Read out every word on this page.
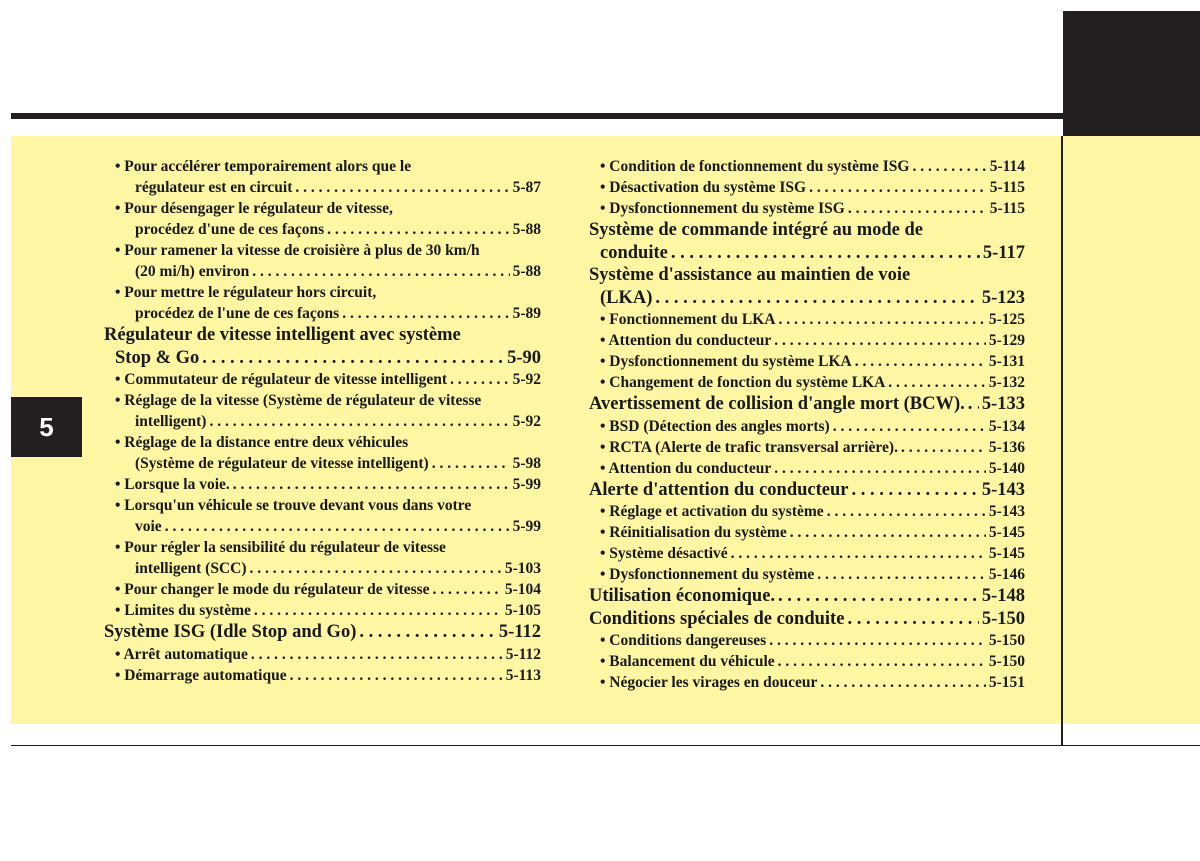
5
• Pour accélérer temporairement alors que le
régulateur est en circuit . . .	5-87
• Pour désengager le régulateur de vitesse,
procédez d'une de ces façons . . .	5-88
• Pour ramener la vitesse de croisière à plus de 30 km/h
(20 mi/h) environ . . .	5-88
• Pour mettre le régulateur hors circuit,
procédez de l'une de ces façons . . .	5-89
Régulateur de vitesse intelligent avec système
Stop & Go . . .	5-90
• Commutateur de régulateur de vitesse intelligent . . .	5-92
• Réglage de la vitesse (Système de régulateur de vitesse
intelligent) . . .	5-92
• Réglage de la distance entre deux véhicules
(Système de régulateur de vitesse intelligent) . . .	5-98
• Lorsque la voie. . . .	5-99
• Lorsqu'un véhicule se trouve devant vous dans votre
voie . . .	5-99
• Pour régler la sensibilité du régulateur de vitesse
intelligent (SCC) . . .	5-103
• Pour changer le mode du régulateur de vitesse . . .	5-104
• Limites du système . . .	5-105
Système ISG (Idle Stop and Go) . . .	5-112
• Arrêt automatique . . .	5-112
• Démarrage automatique . . .	5-113
• Condition de fonctionnement du système ISG . . .	5-114
• Désactivation du système ISG . . .	5-115
• Dysfonctionnement du système ISG . . .	5-115
Système de commande intégré au mode de
conduite . . .	5-117
Système d'assistance au maintien de voie
(LKA) . . .	5-123
• Fonctionnement du LKA . . .	5-125
• Attention du conducteur . . .	5-129
• Dysfonctionnement du système LKA . . .	5-131
• Changement de fonction du système LKA . . .	5-132
Avertissement de collision d'angle mort (BCW). . . . 5-133
• BSD (Détection des angles morts) . . .	5-134
• RCTA (Alerte de trafic transversal arrière). . . .	5-136
• Attention du conducteur . . .	5-140
Alerte d'attention du conducteur . . .	5-143
• Réglage et activation du système . . .	5-143
• Réinitialisation du système . . .	5-145
• Système désactivé . . .	5-145
• Dysfonctionnement du système . . .	5-146
Utilisation économique. . . .	5-148
Conditions spéciales de conduite . . .	5-150
• Conditions dangereuses . . .	5-150
• Balancement du véhicule . . .	5-150
• Négocier les virages en douceur . . .	5-151
